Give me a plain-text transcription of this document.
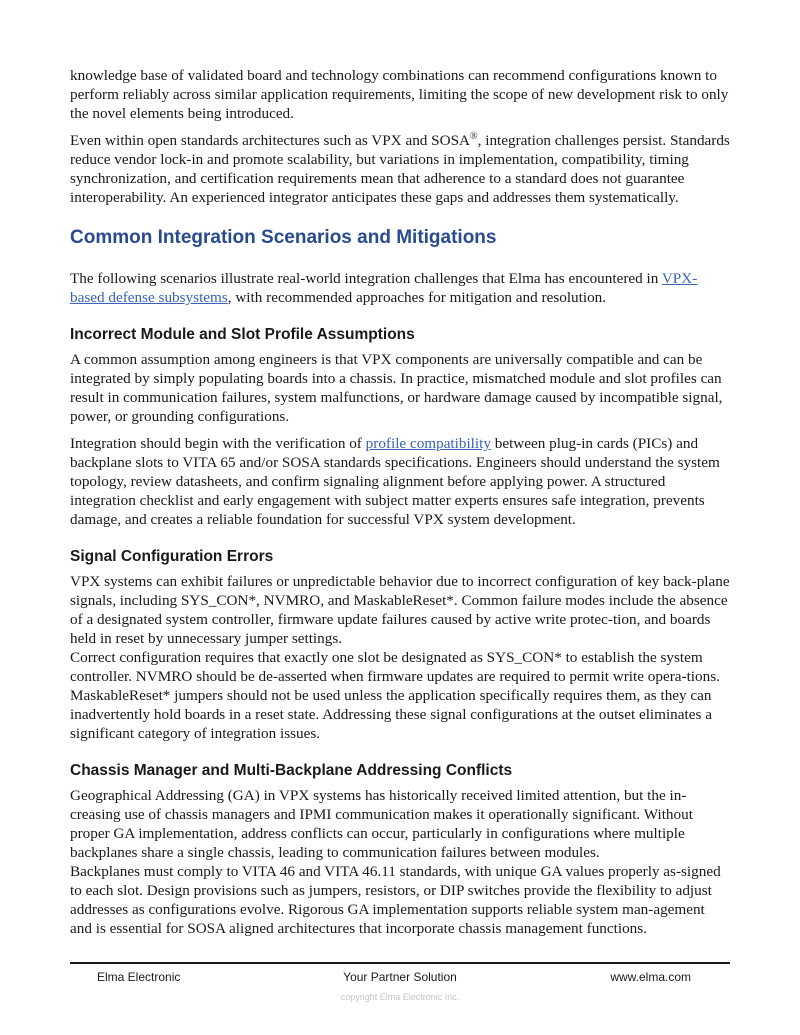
knowledge base of validated board and technology combinations can recommend configurations known to perform reliably across similar application requirements, limiting the scope of new development risk to only the novel elements being introduced.

Even within open standards architectures such as VPX and SOSA®, integration challenges persist. Standards reduce vendor lock-in and promote scalability, but variations in implementation, compatibility, timing synchronization, and certification requirements mean that adherence to a standard does not guarantee interoperability. An experienced integrator anticipates these gaps and addresses them systematically.

Common Integration Scenarios and Mitigations

The following scenarios illustrate real-world integration challenges that Elma has encountered in VPX-based defense subsystems, with recommended approaches for mitigation and resolution.

Incorrect Module and Slot Profile Assumptions

A common assumption among engineers is that VPX components are universally compatible and can be integrated by simply populating boards into a chassis. In practice, mismatched module and slot profiles can result in communication failures, system malfunctions, or hardware damage caused by incompatible signal, power, or grounding configurations.

Integration should begin with the verification of profile compatibility between plug-in cards (PICs) and backplane slots to VITA 65 and/or SOSA standards specifications. Engineers should understand the system topology, review datasheets, and confirm signaling alignment before applying power. A structured integration checklist and early engagement with subject matter experts ensures safe integration, prevents damage, and creates a reliable foundation for successful VPX system development.

Signal Configuration Errors

VPX systems can exhibit failures or unpredictable behavior due to incorrect configuration of key back-plane signals, including SYS_CON*, NVMRO, and MaskableReset*. Common failure modes include the absence of a designated system controller, firmware update failures caused by active write protec-tion, and boards held in reset by unnecessary jumper settings.

Correct configuration requires that exactly one slot be designated as SYS_CON* to establish the system controller. NVMRO should be de-asserted when firmware updates are required to permit write opera-tions. MaskableReset* jumpers should not be used unless the application specifically requires them, as they can inadvertently hold boards in a reset state. Addressing these signal configurations at the outset eliminates a significant category of integration issues.

Chassis Manager and Multi-Backplane Addressing Conflicts

Geographical Addressing (GA) in VPX systems has historically received limited attention, but the in-creasing use of chassis managers and IPMI communication makes it operationally significant. Without proper GA implementation, address conflicts can occur, particularly in configurations where multiple backplanes share a single chassis, leading to communication failures between modules.

Backplanes must comply to VITA 46 and VITA 46.11 standards, with unique GA values properly as-signed to each slot. Design provisions such as jumpers, resistors, or DIP switches provide the flexibility to adjust addresses as configurations evolve. Rigorous GA implementation supports reliable system man-agement and is essential for SOSA aligned architectures that incorporate chassis management functions.

Elma Electronic	Your Partner Solution	www.elma.com
copyright Elma Electronic Inc.
